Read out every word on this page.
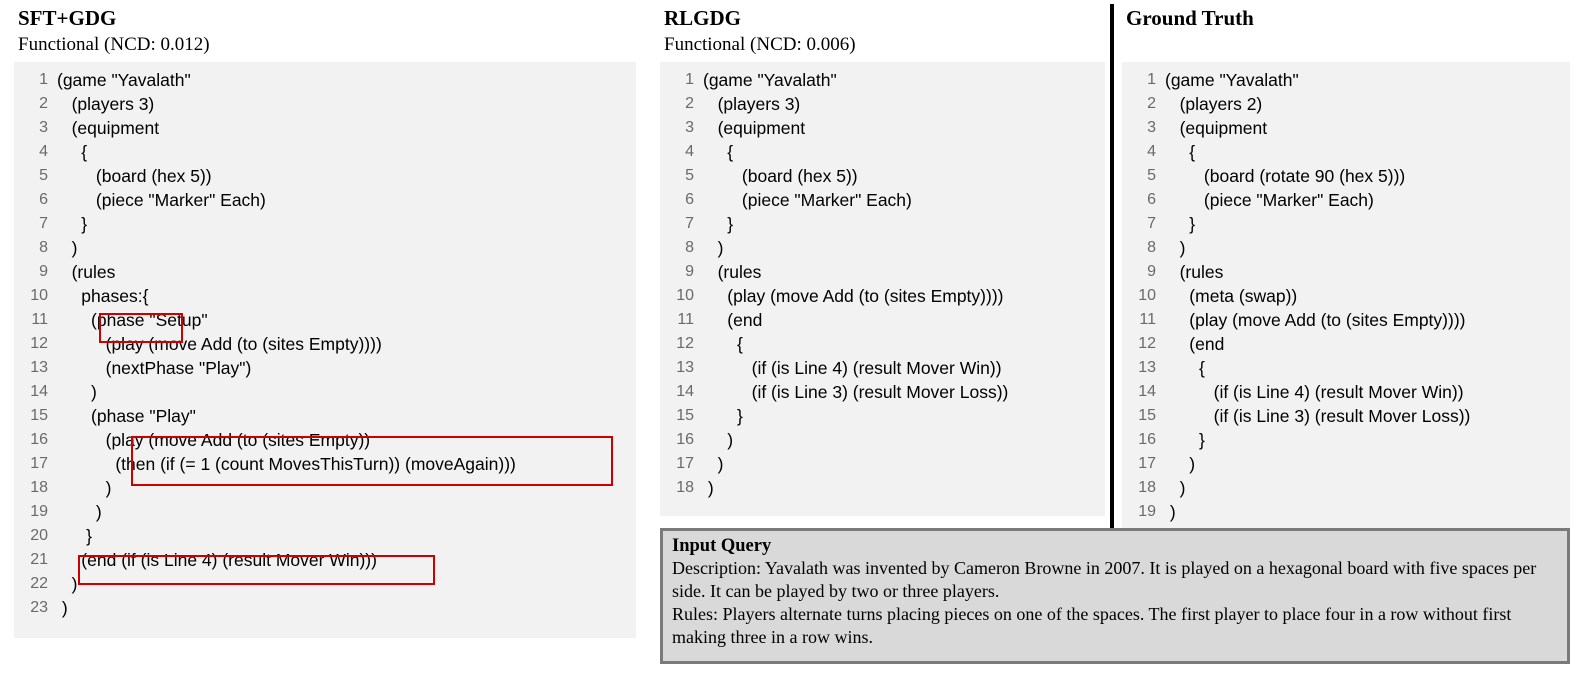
SFT+GDG
Functional (NCD: 0.012)
1 (game "Yavalath"
2 (players 3)
3 (equipment
4 {
5 (board (hex 5))
6 (piece "Marker" Each)
7 }
8 )
9 (rules
10 phases:{
11 (phase "Setup"
12 (play (move Add (to (sites Empty))))
13 (nextPhase "Play")
14 )
15 (phase "Play"
16 (play (move Add (to (sites Empty))
17 (then (if (= 1 (count MovesThisTurn)) (moveAgain)))
18 )
19 )
20 }
21 (end (if (is Line 4) (result Mover Win)))
22 )
23 )
RLGDG
Functional (NCD: 0.006)
1 (game "Yavalath"
2 (players 3)
3 (equipment
4 {
5 (board (hex 5))
6 (piece "Marker" Each)
7 }
8 )
9 (rules
10 (play (move Add (to (sites Empty))))
11 (end
12 {
13 (if (is Line 4) (result Mover Win))
14 (if (is Line 3) (result Mover Loss))
15 }
16 )
17 )
18 )
Ground Truth

1 (game "Yavalath"
2 (players 2)
3 (equipment
4 {
5 (board (rotate 90 (hex 5)))
6 (piece "Marker" Each)
7 }
8 )
9 (rules
10 (meta (swap))
11 (play (move Add (to (sites Empty))))
12 (end
13 {
14 (if (is Line 4) (result Mover Win))
15 (if (is Line 3) (result Mover Loss))
16 }
17 )
18 )
19 )
Input Query

Description: Yavalath was invented by Cameron Browne in 2007. It is played on a hexagonal board with five spaces per side. It can be played by two or three players.

Rules: Players alternate turns placing pieces on one of the spaces. The first player to place four in a row without first making three in a row wins.
